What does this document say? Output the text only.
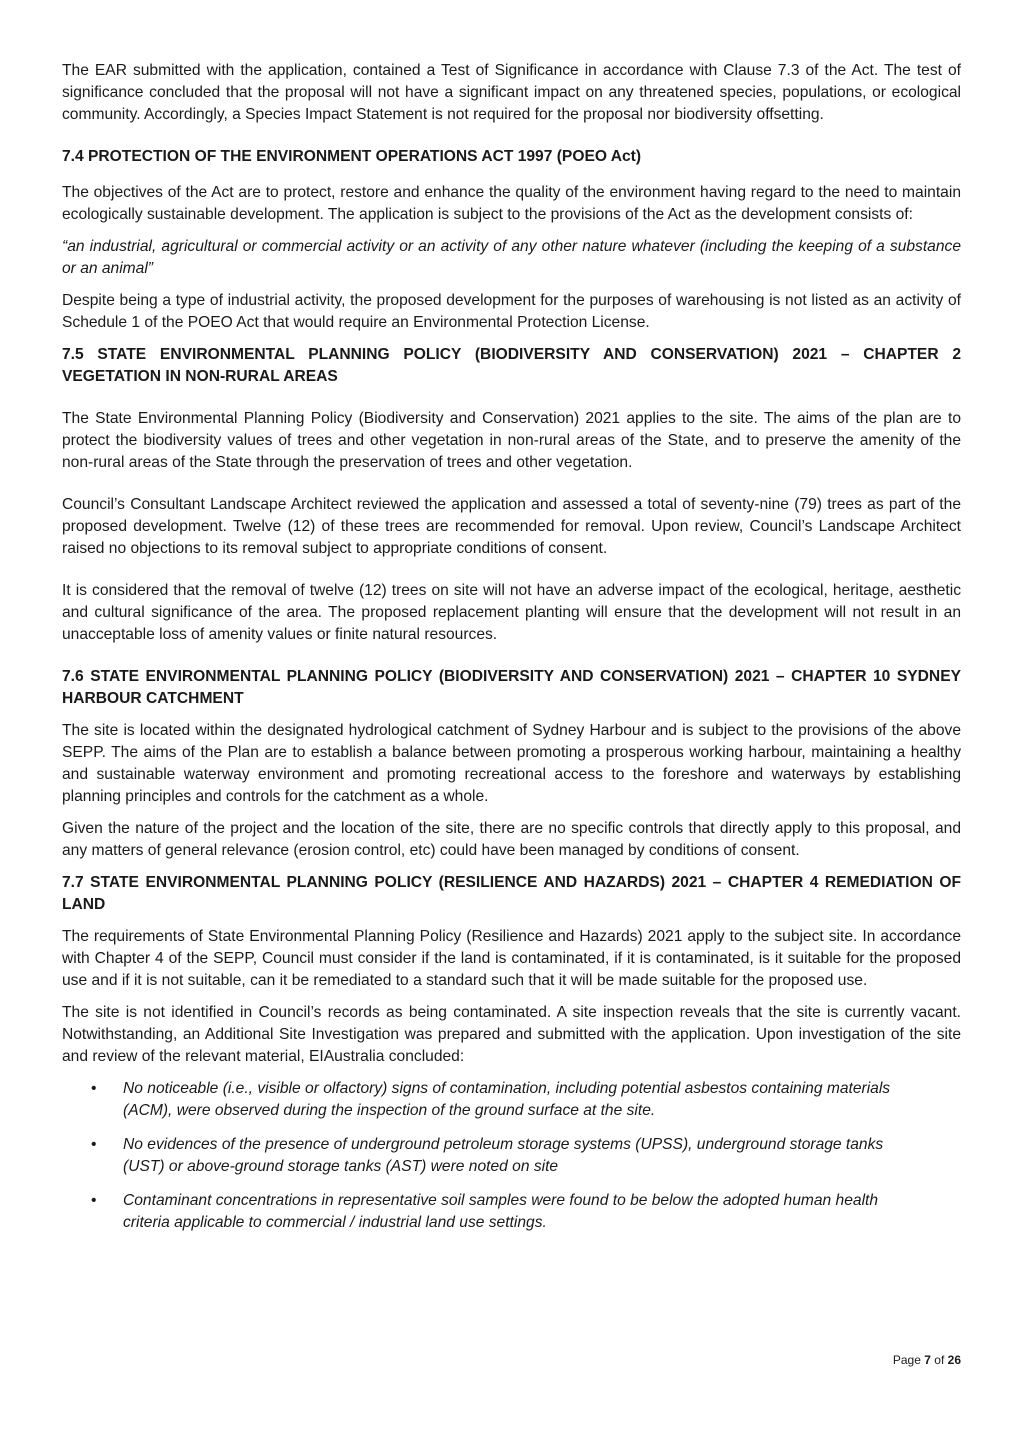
The EAR submitted with the application, contained a Test of Significance in accordance with Clause 7.3 of the Act. The test of significance concluded that the proposal will not have a significant impact on any threatened species, populations, or ecological community. Accordingly, a Species Impact Statement is not required for the proposal nor biodiversity offsetting.

7.4 PROTECTION OF THE ENVIRONMENT OPERATIONS ACT 1997 (POEO Act)

The objectives of the Act are to protect, restore and enhance the quality of the environment having regard to the need to maintain ecologically sustainable development. The application is subject to the provisions of the Act as the development consists of:

“an industrial, agricultural or commercial activity or an activity of any other nature whatever (including the keeping of a substance or an animal”

Despite being a type of industrial activity, the proposed development for the purposes of warehousing is not listed as an activity of Schedule 1 of the POEO Act that would require an Environmental Protection License.

7.5 STATE ENVIRONMENTAL PLANNING POLICY (BIODIVERSITY AND CONSERVATION) 2021 – CHAPTER 2 VEGETATION IN NON-RURAL AREAS

The State Environmental Planning Policy (Biodiversity and Conservation) 2021 applies to the site. The aims of the plan are to protect the biodiversity values of trees and other vegetation in non-rural areas of the State, and to preserve the amenity of the non-rural areas of the State through the preservation of trees and other vegetation.

Council’s Consultant Landscape Architect reviewed the application and assessed a total of seventy-nine (79) trees as part of the proposed development. Twelve (12) of these trees are recommended for removal. Upon review, Council’s Landscape Architect raised no objections to its removal subject to appropriate conditions of consent.

It is considered that the removal of twelve (12) trees on site will not have an adverse impact of the ecological, heritage, aesthetic and cultural significance of the area. The proposed replacement planting will ensure that the development will not result in an unacceptable loss of amenity values or finite natural resources.

7.6 STATE ENVIRONMENTAL PLANNING POLICY (BIODIVERSITY AND CONSERVATION) 2021 – CHAPTER 10 SYDNEY HARBOUR CATCHMENT

The site is located within the designated hydrological catchment of Sydney Harbour and is subject to the provisions of the above SEPP. The aims of the Plan are to establish a balance between promoting a prosperous working harbour, maintaining a healthy and sustainable waterway environment and promoting recreational access to the foreshore and waterways by establishing planning principles and controls for the catchment as a whole.

Given the nature of the project and the location of the site, there are no specific controls that directly apply to this proposal, and any matters of general relevance (erosion control, etc) could have been managed by conditions of consent.

7.7 STATE ENVIRONMENTAL PLANNING POLICY (RESILIENCE AND HAZARDS) 2021 – CHAPTER 4 REMEDIATION OF LAND

The requirements of State Environmental Planning Policy (Resilience and Hazards) 2021 apply to the subject site. In accordance with Chapter 4 of the SEPP, Council must consider if the land is contaminated, if it is contaminated, is it suitable for the proposed use and if it is not suitable, can it be remediated to a standard such that it will be made suitable for the proposed use.

The site is not identified in Council’s records as being contaminated. A site inspection reveals that the site is currently vacant. Notwithstanding, an Additional Site Investigation was prepared and submitted with the application. Upon investigation of the site and review of the relevant material, EIAustralia concluded:

• No noticeable (i.e., visible or olfactory) signs of contamination, including potential asbestos containing materials (ACM), were observed during the inspection of the ground surface at the site.
• No evidences of the presence of underground petroleum storage systems (UPSS), underground storage tanks (UST) or above-ground storage tanks (AST) were noted on site
• Contaminant concentrations in representative soil samples were found to be below the adopted human health criteria applicable to commercial / industrial land use settings.
Page 7 of 26
